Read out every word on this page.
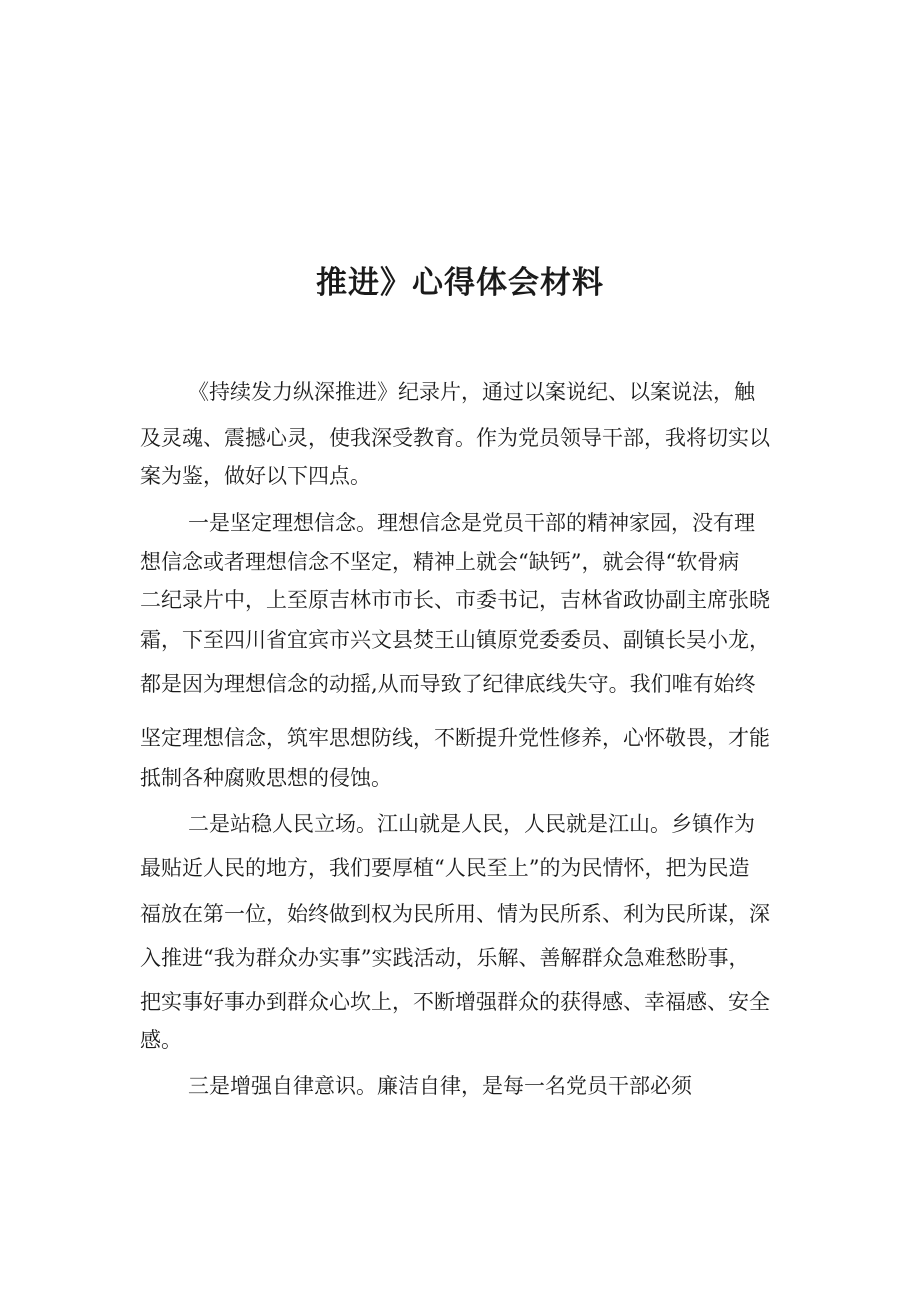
推进》心得体会材料
《持续发力纵深推进》纪录片，通过以案说纪、以案说法，触
及灵魂、震撼心灵，使我深受教育。作为党员领导干部，我将切实以
案为鉴，做好以下四点。
一是坚定理想信念。理想信念是党员干部的精神家园，没有理
想信念或者理想信念不坚定，精神上就会“缺钙”，就会得“软骨病
二纪录片中，上至原吉林市市长、市委书记，吉林省政协副主席张晓
霜，下至四川省宜宾市兴文县焚王山镇原党委委员、副镇长吴小龙，
都是因为理想信念的动摇,从而导致了纪律底线失守。我们唯有始终
坚定理想信念，筑牢思想防线，不断提升党性修养，心怀敬畏，才能
抵制各种腐败思想的侵蚀。
二是站稳人民立场。江山就是人民，人民就是江山。乡镇作为
最贴近人民的地方，我们要厚植“人民至上”的为民情怀，把为民造
福放在第一位，始终做到权为民所用、情为民所系、利为民所谋，深
入推进“我为群众办实事”实践活动，乐解、善解群众急难愁盼事，
把实事好事办到群众心坎上，不断增强群众的获得感、幸福感、安全
感。
三是增强自律意识。廉洁自律，是每一名党员干部必须
